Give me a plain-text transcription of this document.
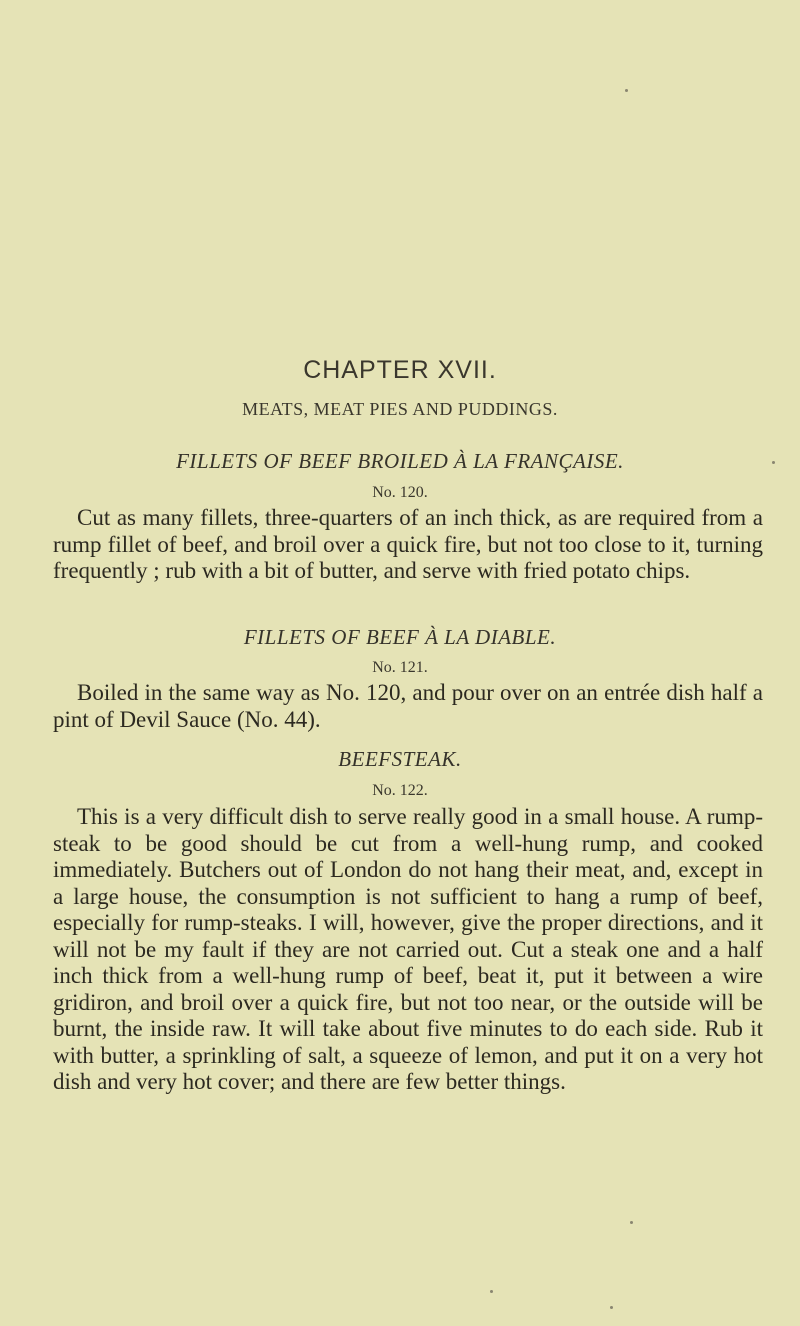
CHAPTER XVII.
MEATS, MEAT PIES AND PUDDINGS.
FILLETS OF BEEF BROILED À LA FRANÇAISE.
No. 120.

Cut as many fillets, three-quarters of an inch thick, as are required from a rump fillet of beef, and broil over a quick fire, but not too close to it, turning frequently ; rub with a bit of butter, and serve with fried potato chips.

FILLETS OF BEEF À LA DIABLE.
No. 121.

Boiled in the same way as No. 120, and pour over on an entrée dish half a pint of Devil Sauce (No. 44).

BEEFSTEAK.
No. 122.

This is a very difficult dish to serve really good in a small house. A rump-steak to be good should be cut from a well-hung rump, and cooked immediately. Butchers out of London do not hang their meat, and, except in a large house, the consumption is not sufficient to hang a rump of beef, especially for rump-steaks. I will, however, give the proper directions, and it will not be my fault if they are not carried out. Cut a steak one and a half inch thick from a well-hung rump of beef, beat it, put it between a wire gridiron, and broil over a quick fire, but not too near, or the outside will be burnt, the inside raw. It will take about five minutes to do each side. Rub it with butter, a sprinkling of salt, a squeeze of lemon, and put it on a very hot dish and very hot cover; and there are few better things.
